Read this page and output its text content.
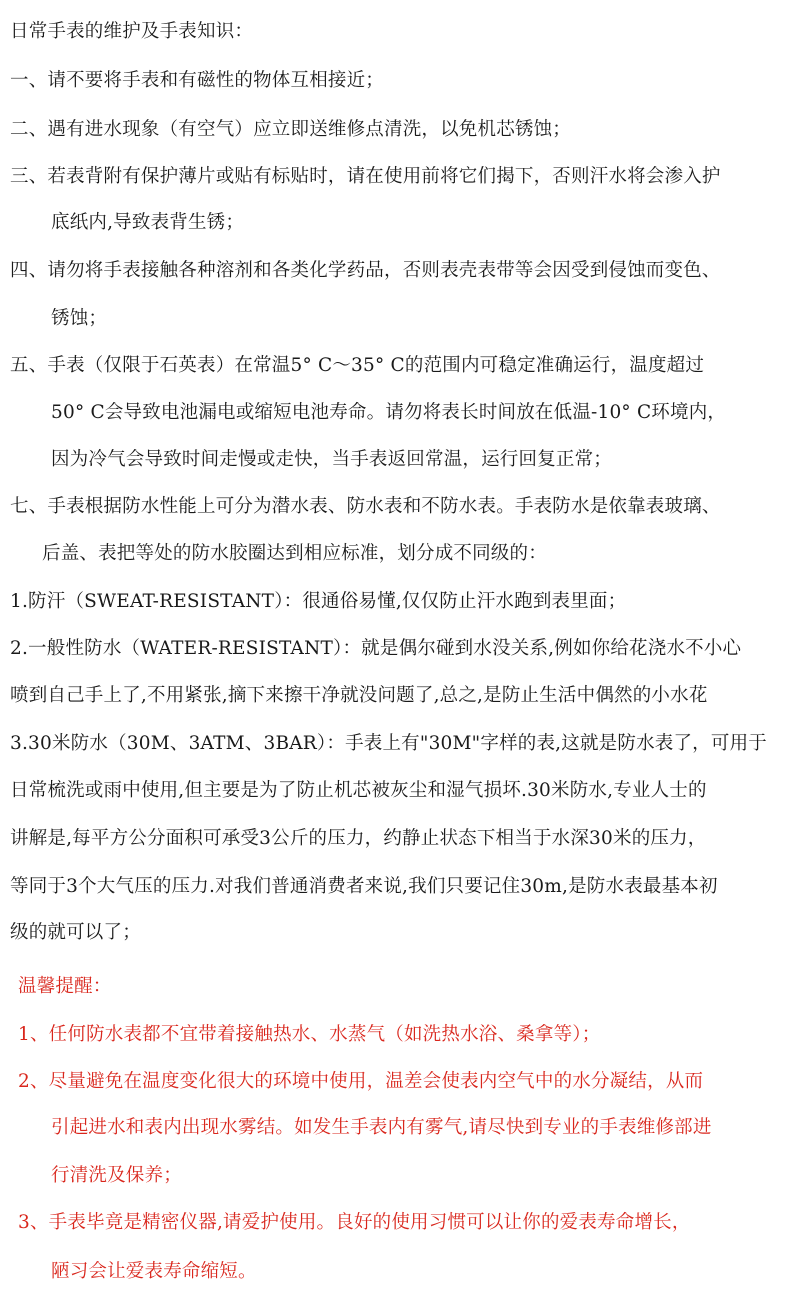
日常手表的维护及手表知识：
一、请不要将手表和有磁性的物体互相接近；
二、遇有进水现象（有空气）应立即送维修点清洗，以免机芯锈蚀；
三、若表背附有保护薄片或贴有标贴时，请在使用前将它们揭下，否则汗水将会渗入护
底纸内,导致表背生锈；
四、请勿将手表接触各种溶剂和各类化学药品，否则表壳表带等会因受到侵蚀而变色、
锈蚀；
五、手表（仅限于石英表）在常温5° C～35° C的范围内可稳定准确运行，温度超过
50° C会导致电池漏电或缩短电池寿命。请勿将表长时间放在低温-10° C环境内，
因为冷气会导致时间走慢或走快，当手表返回常温，运行回复正常；
七、手表根据防水性能上可分为潜水表、防水表和不防水表。手表防水是依靠表玻璃、
后盖、表把等处的防水胶圈达到相应标准，划分成不同级的：
1.防汗（SWEAT-RESISTANT）：很通俗易懂,仅仅防止汗水跑到表里面；
2.一般性防水（WATER-RESISTANT）：就是偶尔碰到水没关系,例如你给花浇水不小心
喷到自己手上了,不用紧张,摘下来擦干净就没问题了,总之,是防止生活中偶然的小水花
3.30米防水（30M、3ATM、3BAR）：手表上有"30M"字样的表,这就是防水表了，可用于
日常梳洗或雨中使用,但主要是为了防止机芯被灰尘和湿气损坏.30米防水,专业人士的
讲解是,每平方公分面积可承受3公斤的压力，约静止状态下相当于水深30米的压力，
等同于3个大气压的压力.对我们普通消费者来说,我们只要记住30m,是防水表最基本初
级的就可以了；
温馨提醒：
1、任何防水表都不宜带着接触热水、水蒸气（如洗热水浴、桑拿等）；
2、尽量避免在温度变化很大的环境中使用，温差会使表内空气中的水分凝结，从而
引起进水和表内出现水雾结。如发生手表内有雾气,请尽快到专业的手表维修部进
行清洗及保养；
3、手表毕竟是精密仪器,请爱护使用。良好的使用习惯可以让你的爱表寿命增长，
陋习会让爱表寿命缩短。
